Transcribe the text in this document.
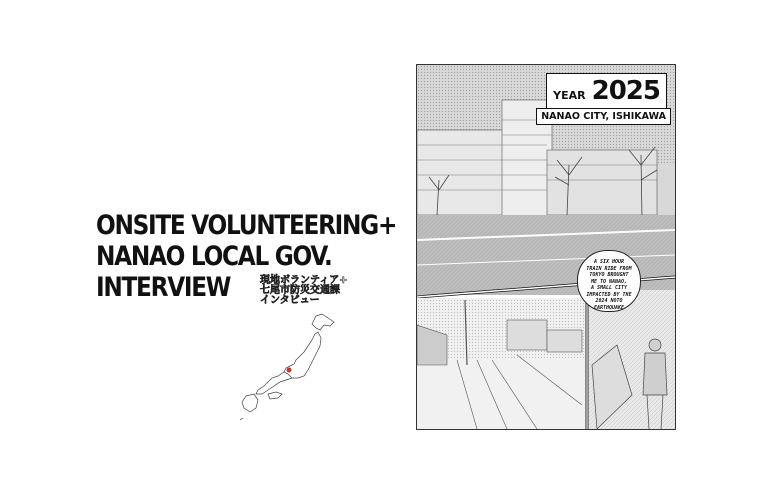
ONSITE VOLUNTEERING+
NANAO LOCAL GOV.
INTERVIEW	現地ボランティア+
七尾市防災交通課
インタビュー
YEAR 2025
NANAO CITY, ISHIKAWA
A SIX HOUR
TRAIN RIDE FROM
TOKYO BROUGHT
ME TO NANAO,
A SMALL CITY
IMPACTED BY THE
2024 NOTO
EARTHQUAKE
